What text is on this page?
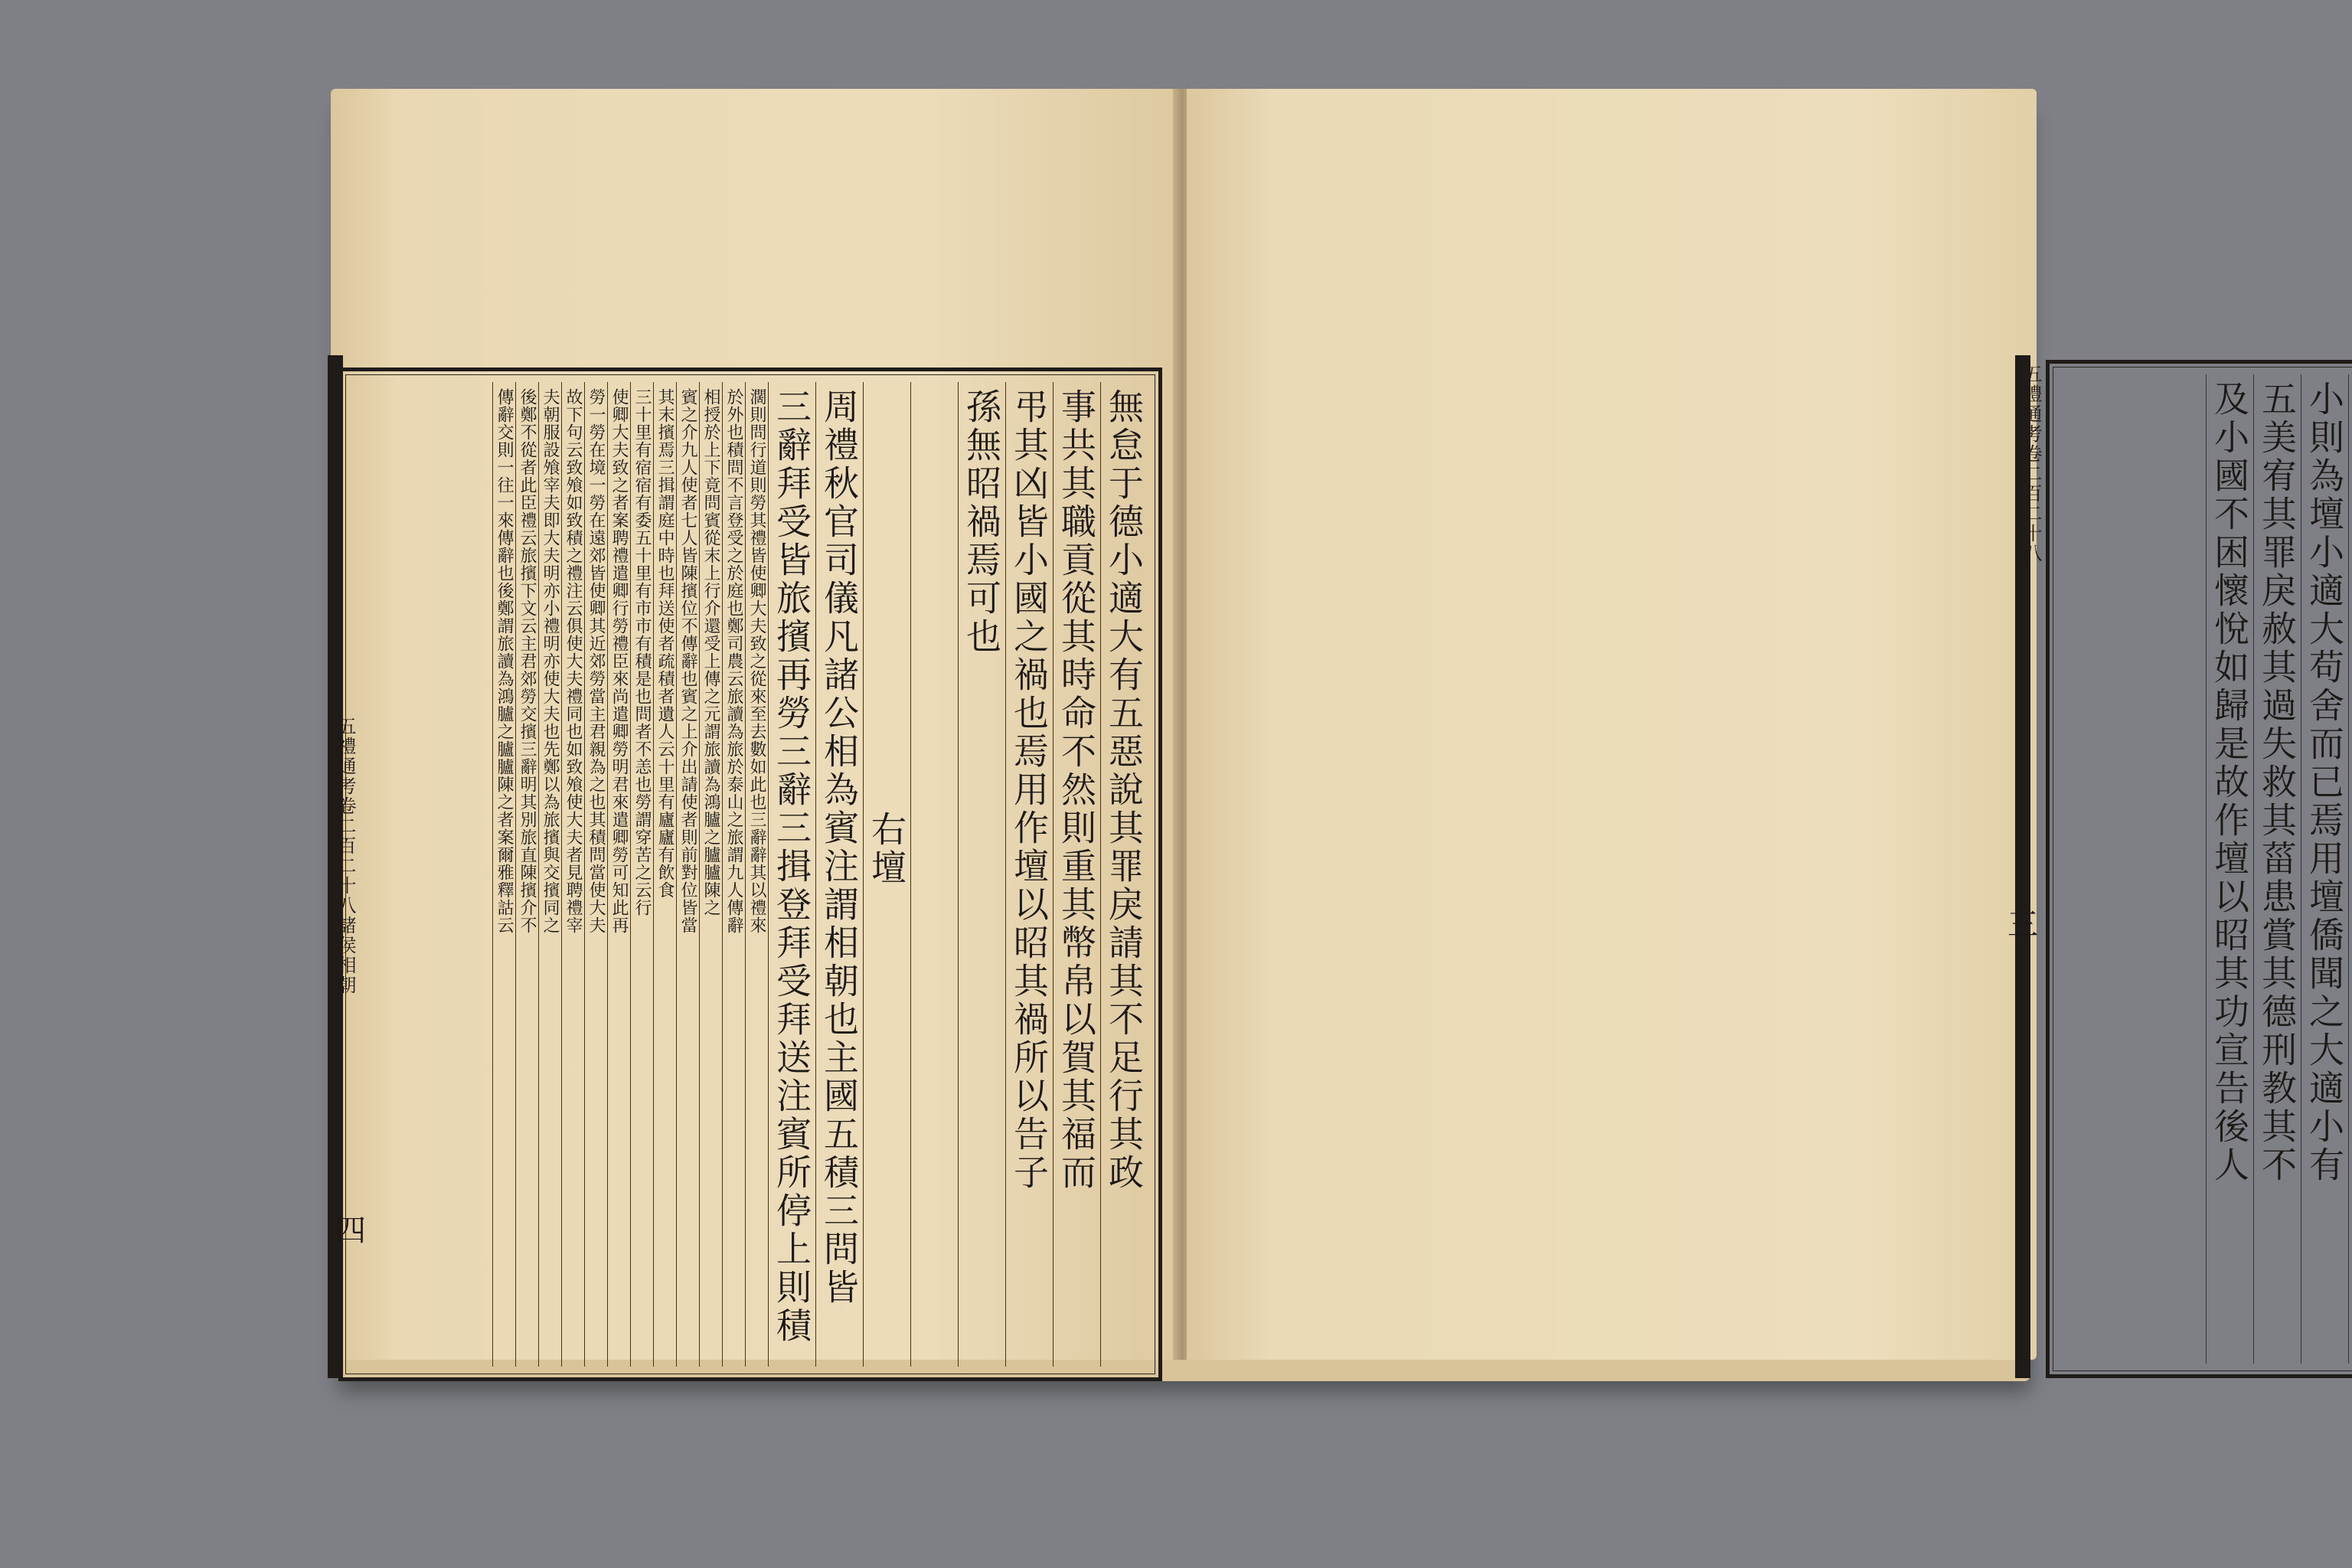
無怠于德小適大有五惡說其罪戾請其不足行其政
事共其職貢從其時命不然則重其幣帛以賀其福而
弔其凶皆小國之禍也焉用作壇以昭其禍所以告子
孫無昭禍焉可也
右壇
周禮秋官司儀凡諸公相為賓注謂相朝也主國五積三問皆
三辭拜受皆旅擯再勞三辭三揖登拜受拜送注賓所停上則積
濶則問行道則勞其禮皆使卿大夫致之從來至去數如此也三辭辭其以禮來
於外也積問不言登受之於庭也鄭司農云旅讀為旅於泰山之旅謂九人傳辭
相授於上下竟問賓從末上行介還受上傳之元謂旅讀為鴻臚之臚臚陳之
賓之介九人使者七人皆陳擯位不傳辭也賓之上介出請使者則前對位皆當
其末擯焉三揖謂庭中時也拜送使者疏積者遺人云十里有廬廬有飲食
三十里有宿宿有委五十里有市市有積是也問者不恙也勞謂穿苦之云行
使卿大夫致之者案聘禮遣卿行勞禮臣來尚遣卿勞明君來遣卿勞可知此再
勞一勞在境一勞在遠郊皆使卿其近郊勞當主君親為之也其積問當使大夫
故下句云致飧如致積之禮注云俱使大夫禮同也如致飧使大夫者見聘禮宰
夫朝服設飧宰夫即大夫明亦小禮明亦使大夫也先鄭以為旅擯與交擯同之
後鄭不從者此臣禮云旅擯下文云主君郊勞交擯三辭明其別旅直陳擯介不
傳辭交則一往一來傳辭也後鄭謂旅讀為鴻臚之臚臚陳之者案爾雅釋詁云
五禮通考卷二百二十八諸侯相朝
四
小則為壇小適大苟舍而已焉用壇僑聞之大適小有
五美宥其罪戾赦其過失救其菑患賞其德刑教其不
及小國不困懷悅如歸是故作壇以昭其功宣告後人
五禮通考卷二百二十八
三
